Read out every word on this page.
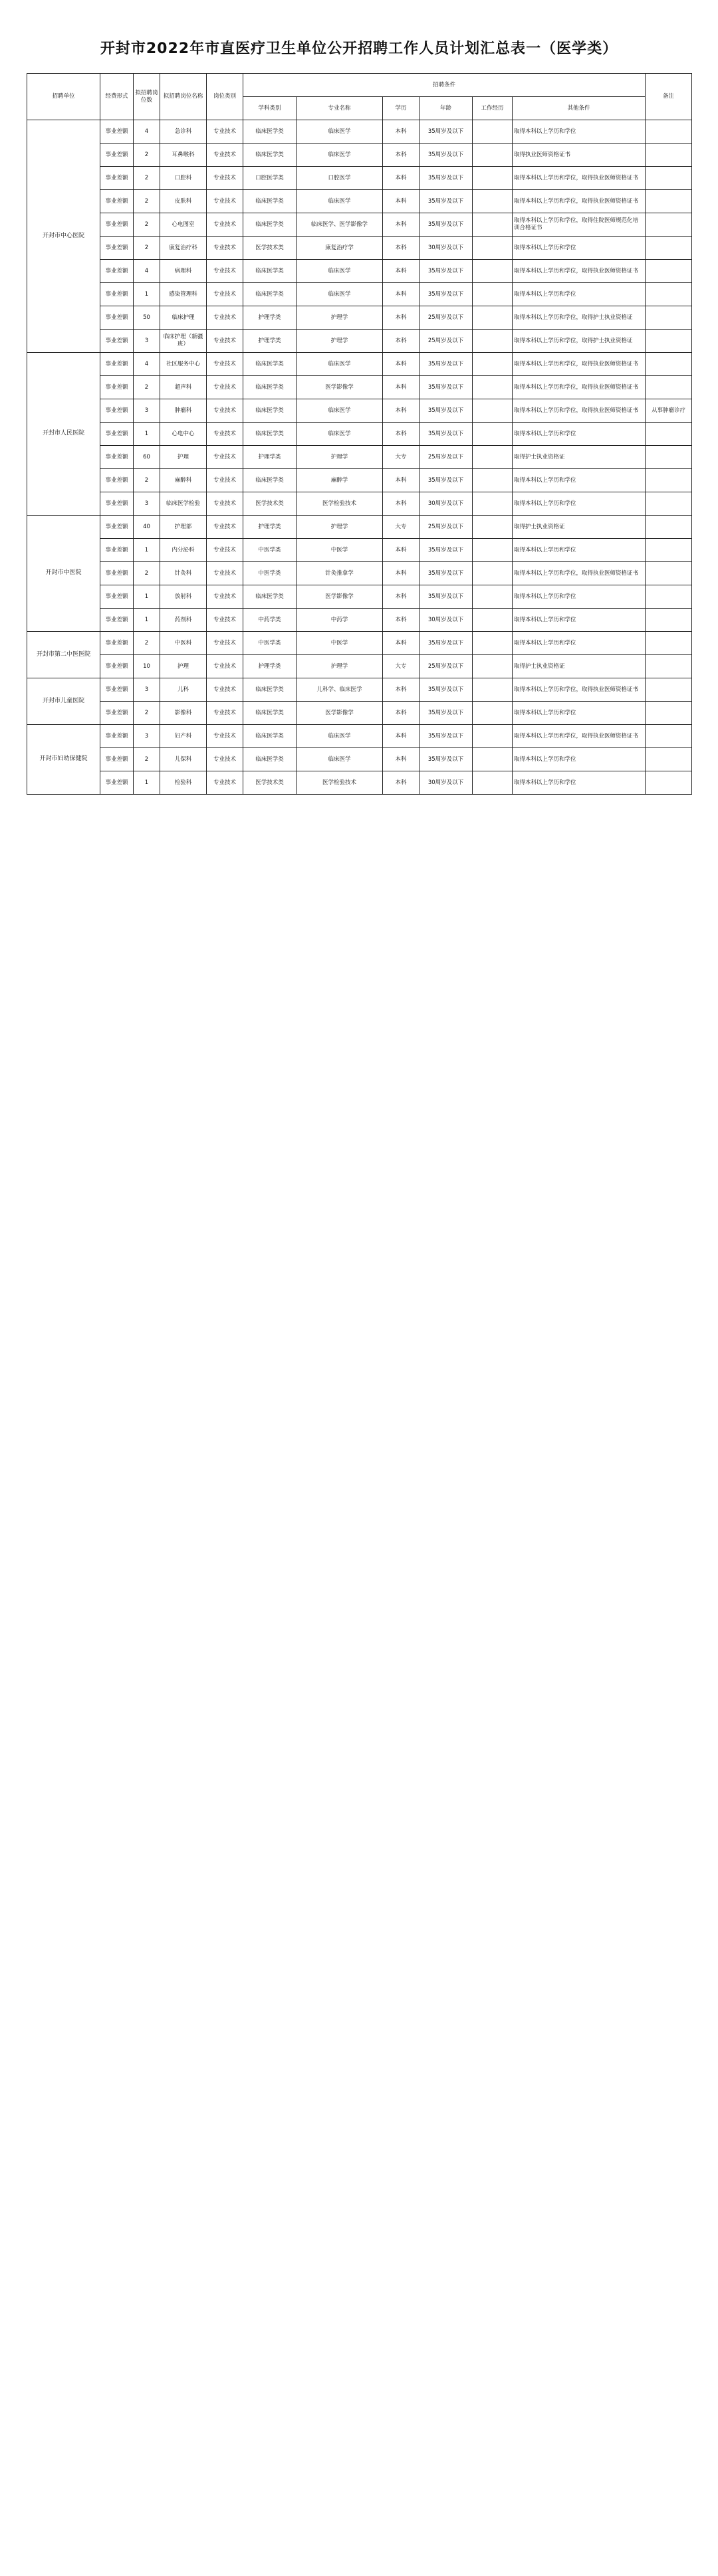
开封市2022年市直医疗卫生单位公开招聘工作人员计划汇总表一（医学类）
招聘单位	经费形式	拟招聘岗位数	拟招聘岗位名称	岗位类别	招聘条件						备注
					学科类别	专业名称	学历	年龄	工作经历	其他条件	
开封市中心医院	事业差额	4	急诊科	专业技术	临床医学类	临床医学	本科	35周岁及以下		取得本科以上学历和学位	
	事业差额	2	耳鼻喉科	专业技术	临床医学类	临床医学	本科	35周岁及以下		取得执业医师资格证书	
	事业差额	2	口腔科	专业技术	口腔医学类	口腔医学	本科	35周岁及以下		取得本科以上学历和学位，取得执业医师资格证书	
	事业差额	2	皮肤科	专业技术	临床医学类	临床医学	本科	35周岁及以下		取得本科以上学历和学位，取得执业医师资格证书	
	事业差额	2	心电图室	专业技术	临床医学类	临床医学、医学影像学	本科	35周岁及以下		取得本科以上学历和学位，取得住院医师规范化培训合格证书	
	事业差额	2	康复治疗科	专业技术	医学技术类	康复治疗学	本科	30周岁及以下		取得本科以上学历和学位	
	事业差额	4	病理科	专业技术	临床医学类	临床医学	本科	35周岁及以下		取得本科以上学历和学位，取得执业医师资格证书	
	事业差额	1	感染管理科	专业技术	临床医学类	临床医学	本科	35周岁及以下		取得本科以上学历和学位	
	事业差额	50	临床护理	专业技术	护理学类	护理学	本科	25周岁及以下		取得本科以上学历和学位，取得护士执业资格证	
	事业差额	3	临床护理（新疆班）	专业技术	护理学类	护理学	本科	25周岁及以下		取得本科以上学历和学位，取得护士执业资格证	
开封市人民医院	事业差额	4	社区服务中心	专业技术	临床医学类	临床医学	本科	35周岁及以下		取得本科以上学历和学位，取得执业医师资格证书	
	事业差额	2	超声科	专业技术	临床医学类	医学影像学	本科	35周岁及以下		取得本科以上学历和学位，取得执业医师资格证书	
	事业差额	3	肿瘤科	专业技术	临床医学类	临床医学	本科	35周岁及以下		取得本科以上学历和学位，取得执业医师资格证书	从事肿瘤诊疗
	事业差额	1	心电中心	专业技术	临床医学类	临床医学	本科	35周岁及以下		取得本科以上学历和学位	
	事业差额	60	护理	专业技术	护理学类	护理学	大专	25周岁及以下		取得护士执业资格证	
	事业差额	2	麻醉科	专业技术	临床医学类	麻醉学	本科	35周岁及以下		取得本科以上学历和学位	
	事业差额	3	临床医学检验	专业技术	医学技术类	医学检验技术	本科	30周岁及以下		取得本科以上学历和学位	
开封市中医院	事业差额	40	护理部	专业技术	护理学类	护理学	大专	25周岁及以下		取得护士执业资格证	
	事业差额	1	内分泌科	专业技术	中医学类	中医学	本科	35周岁及以下		取得本科以上学历和学位	
	事业差额	2	针灸科	专业技术	中医学类	针灸推拿学	本科	35周岁及以下		取得本科以上学历和学位，取得执业医师资格证书	
	事业差额	1	放射科	专业技术	临床医学类	医学影像学	本科	35周岁及以下		取得本科以上学历和学位	
	事业差额	1	药剂科	专业技术	中药学类	中药学	本科	30周岁及以下		取得本科以上学历和学位	
开封市第二中医医院	事业差额	2	中医科	专业技术	中医学类	中医学	本科	35周岁及以下		取得本科以上学历和学位	
	事业差额	10	护理	专业技术	护理学类	护理学	大专	25周岁及以下		取得护士执业资格证	
开封市儿童医院	事业差额	3	儿科	专业技术	临床医学类	儿科学、临床医学	本科	35周岁及以下		取得本科以上学历和学位，取得执业医师资格证书	
	事业差额	2	影像科	专业技术	临床医学类	医学影像学	本科	35周岁及以下		取得本科以上学历和学位	
开封市妇幼保健院	事业差额	3	妇产科	专业技术	临床医学类	临床医学	本科	35周岁及以下		取得本科以上学历和学位，取得执业医师资格证书	
	事业差额	2	儿保科	专业技术	临床医学类	临床医学	本科	35周岁及以下		取得本科以上学历和学位	
	事业差额	1	检验科	专业技术	医学技术类	医学检验技术	本科	30周岁及以下		取得本科以上学历和学位	
